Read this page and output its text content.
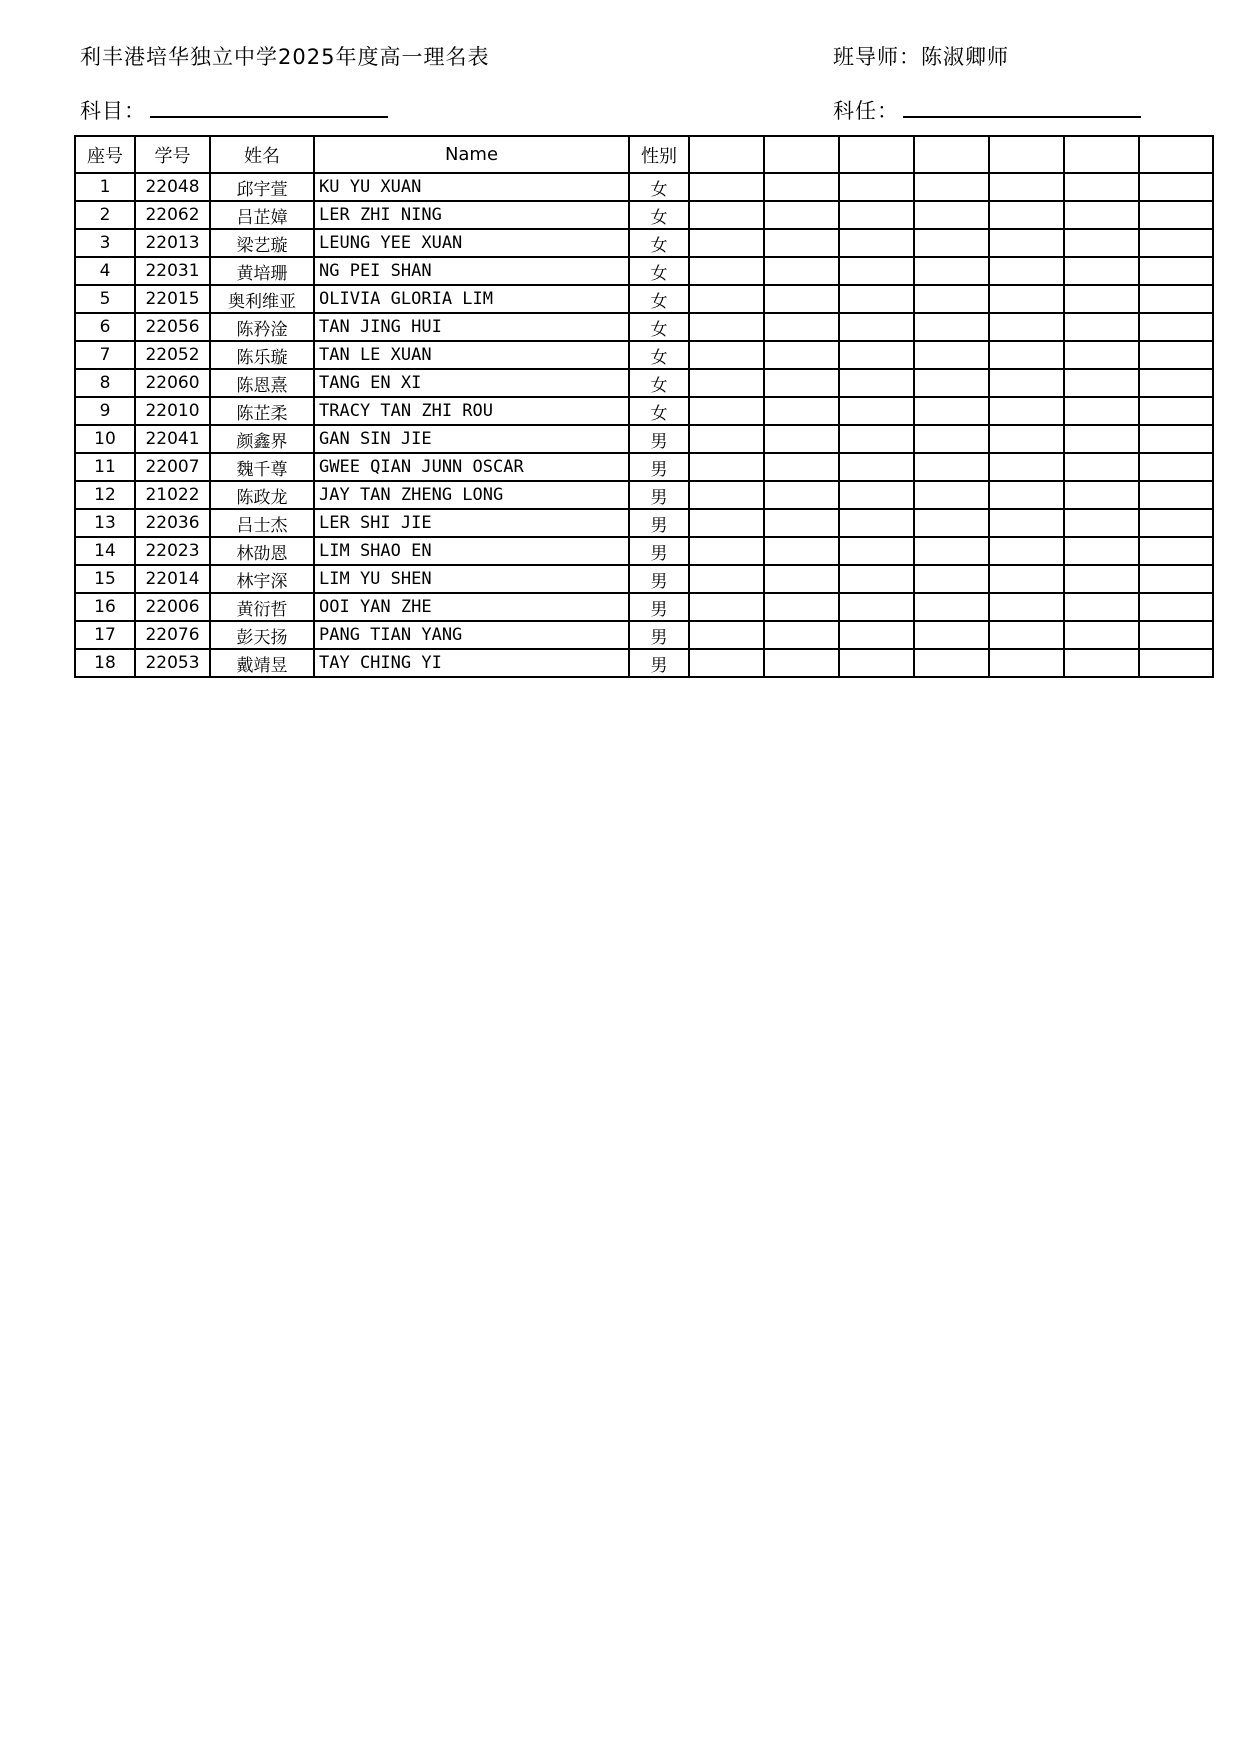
利丰港培华独立中学2025年度高一理名表	班导师：陈淑卿师
科目：	科任：
座号	学号	姓名	Name	性别							
1	22048	邱宇萱	KU YU XUAN	女							
2	22062	吕芷嫜	LER ZHI NING	女							
3	22013	梁艺璇	LEUNG YEE XUAN	女							
4	22031	黄培珊	NG PEI SHAN	女							
5	22015	奥利维亚	OLIVIA GLORIA LIM	女							
6	22056	陈矜淦	TAN JING HUI	女							
7	22052	陈乐璇	TAN LE XUAN	女							
8	22060	陈恩熹	TANG EN XI	女							
9	22010	陈芷柔	TRACY TAN ZHI ROU	女							
10	22041	颜鑫界	GAN SIN JIE	男							
11	22007	魏千尊	GWEE QIAN JUNN OSCAR	男							
12	21022	陈政龙	JAY TAN ZHENG LONG	男							
13	22036	吕士杰	LER SHI JIE	男							
14	22023	林劭恩	LIM SHAO EN	男							
15	22014	林宇深	LIM YU SHEN	男							
16	22006	黄衍哲	OOI YAN ZHE	男							
17	22076	彭天扬	PANG TIAN YANG	男							
18	22053	戴靖昱	TAY CHING YI	男							
